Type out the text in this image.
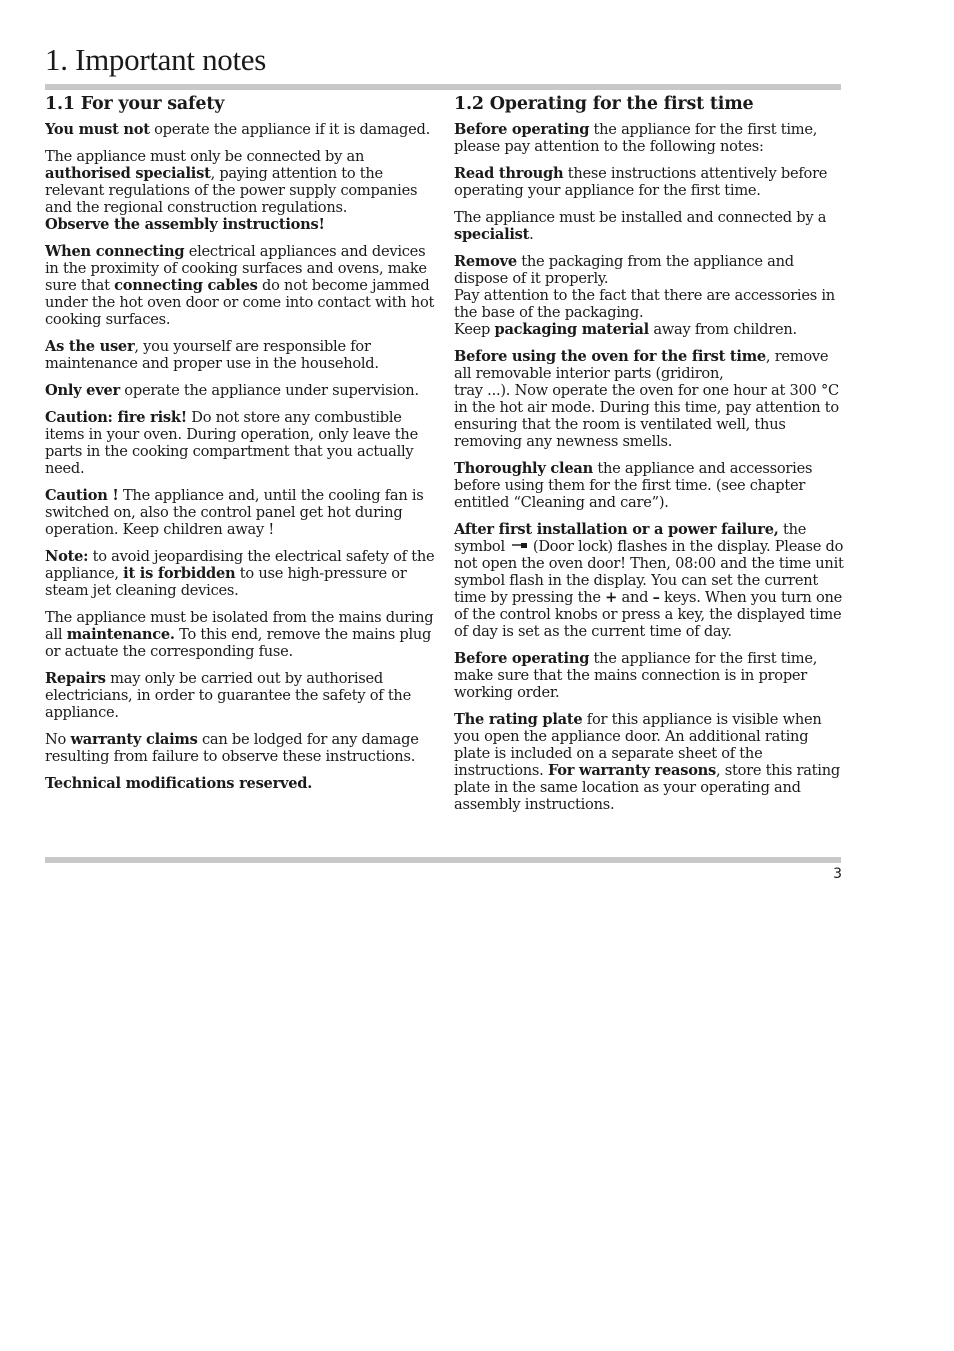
1. Important notes
1.1 For your safety

You must not operate the appliance if it is damaged.

The appliance must only be connected by an authorised specialist, paying attention to the relevant regulations of the power supply companies and the regional construction regulations.
Observe the assembly instructions!

When connecting electrical appliances and devices in the proximity of cooking surfaces and ovens, make sure that connecting cables do not become jammed under the hot oven door or come into contact with hot cooking surfaces.

As the user, you yourself are responsible for maintenance and proper use in the household.

Only ever operate the appliance under supervision.

Caution: fire risk! Do not store any combustible items in your oven. During operation, only leave the parts in the cooking compartment that you actually need.

Caution ! The appliance and, until the cooling fan is switched on, also the control panel get hot during operation. Keep children away !

Note: to avoid jeopardising the electrical safety of the appliance, it is forbidden to use high-pressure or steam jet cleaning devices.

The appliance must be isolated from the mains during all maintenance. To this end, remove the mains plug or actuate the corresponding fuse.

Repairs may only be carried out by authorised electricians, in order to guarantee the safety of the appliance.

No warranty claims can be lodged for any damage resulting from failure to observe these instructions.

Technical modifications reserved.

1.2 Operating for the first time

Before operating the appliance for the first time, please pay attention to the following notes:

Read through these instructions attentively before operating your appliance for the first time.

The appliance must be installed and connected by a specialist.

Remove the packaging from the appliance and dispose of it properly.
Pay attention to the fact that there are accessories in the base of the packaging.
Keep packaging material away from children.

Before using the oven for the first time, remove all removable interior parts (gridiron,
tray ...). Now operate the oven for one hour at 300 °C in the hot air mode. During this time, pay attention to ensuring that the room is ventilated well, thus removing any newness smells.

Thoroughly clean the appliance and accessories before using them for the first time. (see chapter entitled “Cleaning and care”).

After first installation or a power failure, the symbol (Door lock) flashes in the display. Please do not open the oven door! Then, 08:00 and the time unit symbol flash in the display. You can set the current time by pressing the + and – keys. When you turn one of the control knobs or press a key, the displayed time of day is set as the current time of day.

Before operating the appliance for the first time, make sure that the mains connection is in proper working order.

The rating plate for this appliance is visible when you open the appliance door. An additional rating plate is included on a separate sheet of the instructions. For warranty reasons, store this rating plate in the same location as your operating and assembly instructions.

3
